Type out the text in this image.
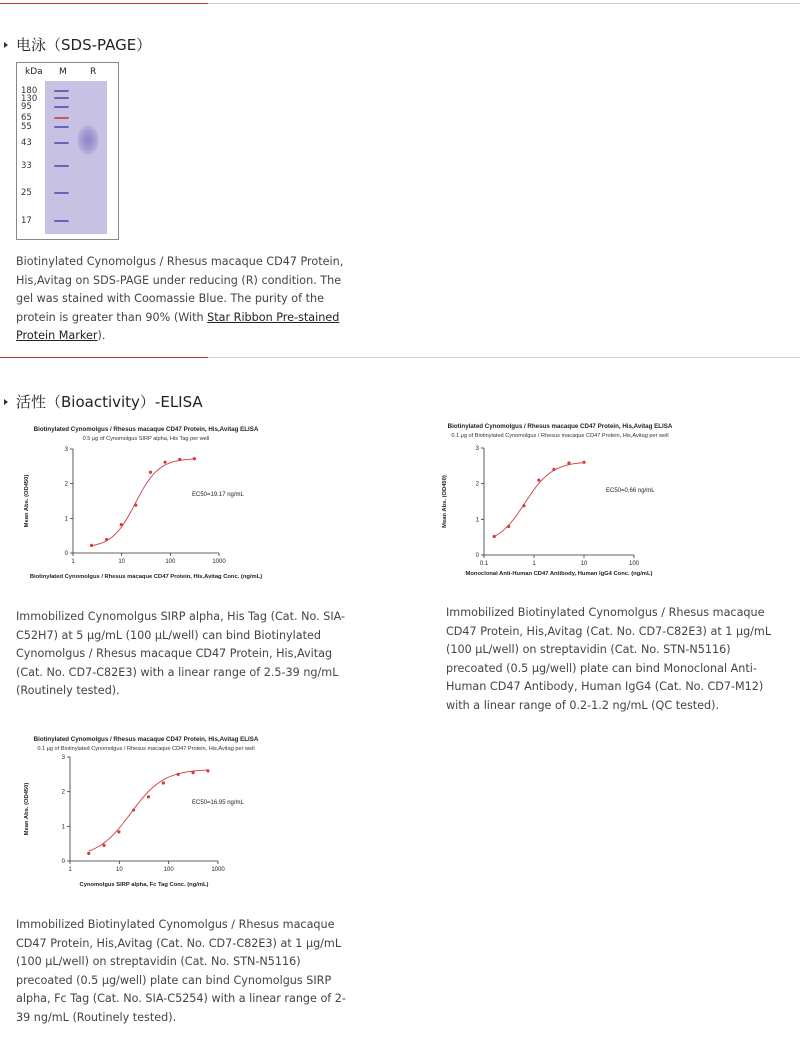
电泳（SDS-PAGE）
kDa M	R
180
130
95
65
55
43
33
25
17
Biotinylated Cynomolgus / Rhesus macaque CD47 Protein, His,Avitag on SDS-PAGE under reducing (R) condition. The gel was stained with Coomassie Blue. The purity of the protein is greater than 90% (With Star Ribbon Pre-stained Protein Marker).
活性（Bioactivity）-ELISA
Biotinylated Cynomolgus / Rhesus macaque CD47 Protein, His,Avitag ELISA
0.5 μg of Cynomolgus SIRP alpha, His Tag per well
0
1
2
3
1	10	100	1000
Mean Abs. (OD450)
Biotinylated Cynomolgus / Rhesus macaque CD47 Protein, His,Avitag Conc. (ng/mL)
EC50=19.17 ng/mL
Biotinylated Cynomolgus / Rhesus macaque CD47 Protein, His,Avitag ELISA
0.1 μg of Biotinylated Cynomolgus / Rhesus macaque CD47 Protein, His,Avitag per well
0
1
2
3
0.1	1	10	100
Mean Abs. (OD450)
Monoclonal Anti-Human CD47 Antibody, Human IgG4 Conc. (ng/mL)
EC50=0.66 ng/mL
Biotinylated Cynomolgus / Rhesus macaque CD47 Protein, His,Avitag ELISA
0.1 μg of Biotinylated Cynomolgus / Rhesus macaque CD47 Protein, His,Avitag per well
0
1
2
3
1	10	100	1000
Mean Abs. (OD450)
Cynomolgus SIRP alpha, Fc Tag Conc. (ng/mL)
EC50=16.95 ng/mL
Immobilized Cynomolgus SIRP alpha, His Tag (Cat. No. SIA-C52H7) at 5 μg/mL (100 μL/well) can bind Biotinylated Cynomolgus / Rhesus macaque CD47 Protein, His,Avitag (Cat. No. CD7-C82E3) with a linear range of 2.5-39 ng/mL (Routinely tested).
Immobilized Biotinylated Cynomolgus / Rhesus macaque CD47 Protein, His,Avitag (Cat. No. CD7-C82E3) at 1 μg/mL (100 μL/well) on streptavidin (Cat. No. STN-N5116) precoated (0.5 μg/well) plate can bind Monoclonal Anti-Human CD47 Antibody, Human IgG4 (Cat. No. CD7-M12) with a linear range of 0.2-1.2 ng/mL (QC tested).
Immobilized Biotinylated Cynomolgus / Rhesus macaque CD47 Protein, His,Avitag (Cat. No. CD7-C82E3) at 1 μg/mL (100 μL/well) on streptavidin (Cat. No. STN-N5116) precoated (0.5 μg/well) plate can bind Cynomolgus SIRP alpha, Fc Tag (Cat. No. SIA-C5254) with a linear range of 2-39 ng/mL (Routinely tested).
